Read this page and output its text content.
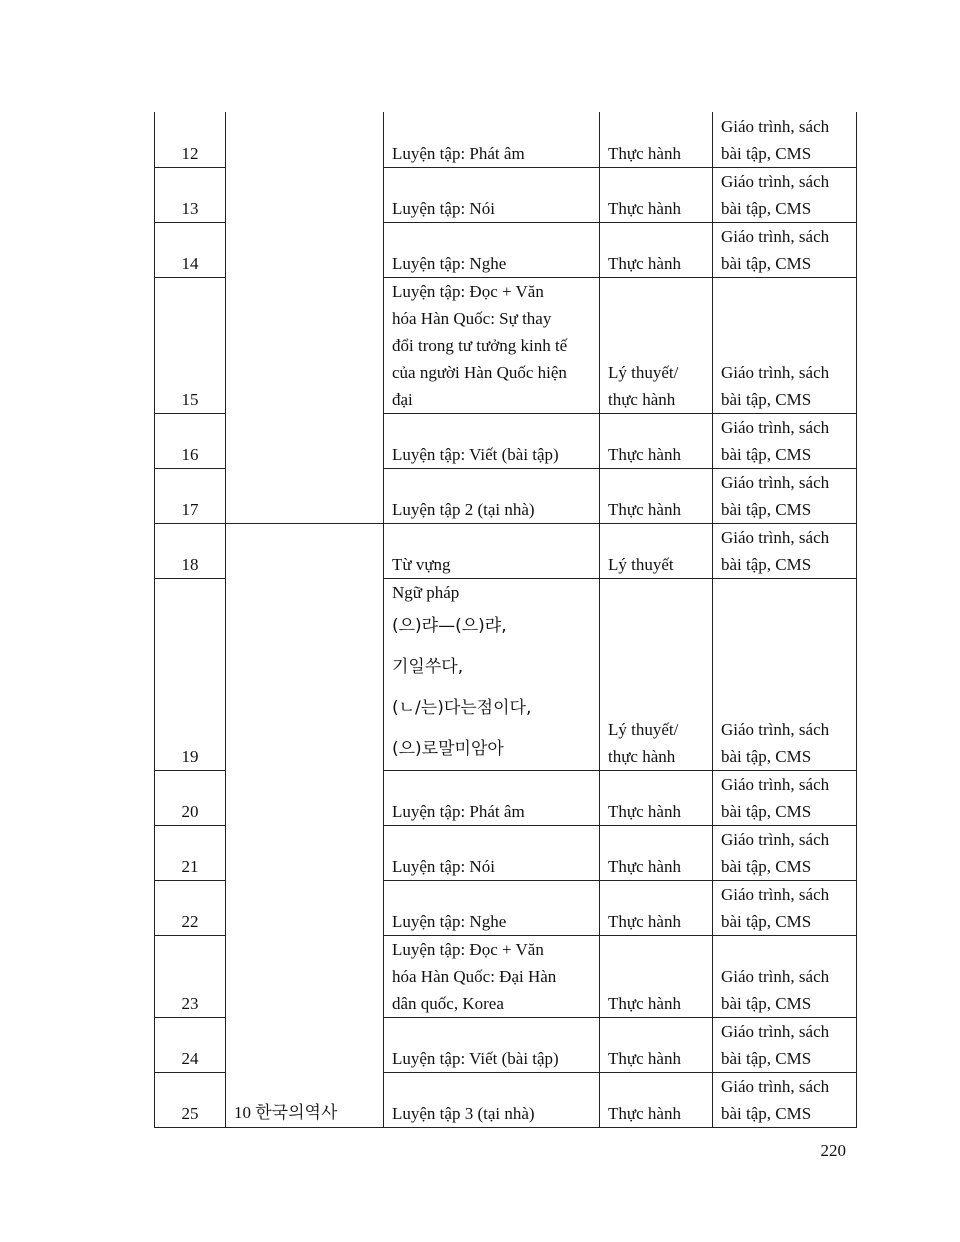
12		Luyện tập: Phát âm	Thực hành	Giáo trình, sách
bài tập, CMS
13		Luyện tập: Nói	Thực hành	Giáo trình, sách
bài tập, CMS
14		Luyện tập: Nghe	Thực hành	Giáo trình, sách
bài tập, CMS
15		Luyện tập: Đọc + Văn
hóa Hàn Quốc: Sự thay
đổi trong tư tưởng kinh tế
của người Hàn Quốc hiện
đại	Lý thuyết/
thực hành	Giáo trình, sách
bài tập, CMS
16		Luyện tập: Viết (bài tập)	Thực hành	Giáo trình, sách
bài tập, CMS
17		Luyện tập 2 (tại nhà)	Thực hành	Giáo trình, sách
bài tập, CMS
18	10 한국의역사	Từ vựng	Lý thuyết	Giáo trình, sách
bài tập, CMS
19		Ngữ pháp
(으)랴—(으)랴,
기일쑤다,
(ㄴ/는)다는점이다,
(으)로말미암아	Lý thuyết/
thực hành	Giáo trình, sách
bài tập, CMS
20		Luyện tập: Phát âm	Thực hành	Giáo trình, sách
bài tập, CMS
21		Luyện tập: Nói	Thực hành	Giáo trình, sách
bài tập, CMS
22		Luyện tập: Nghe	Thực hành	Giáo trình, sách
bài tập, CMS
23		Luyện tập: Đọc + Văn
hóa Hàn Quốc: Đại Hàn
dân quốc, Korea	Thực hành	Giáo trình, sách
bài tập, CMS
24		Luyện tập: Viết (bài tập)	Thực hành	Giáo trình, sách
bài tập, CMS
25		Luyện tập 3 (tại nhà)	Thực hành	Giáo trình, sách
bài tập, CMS
220
